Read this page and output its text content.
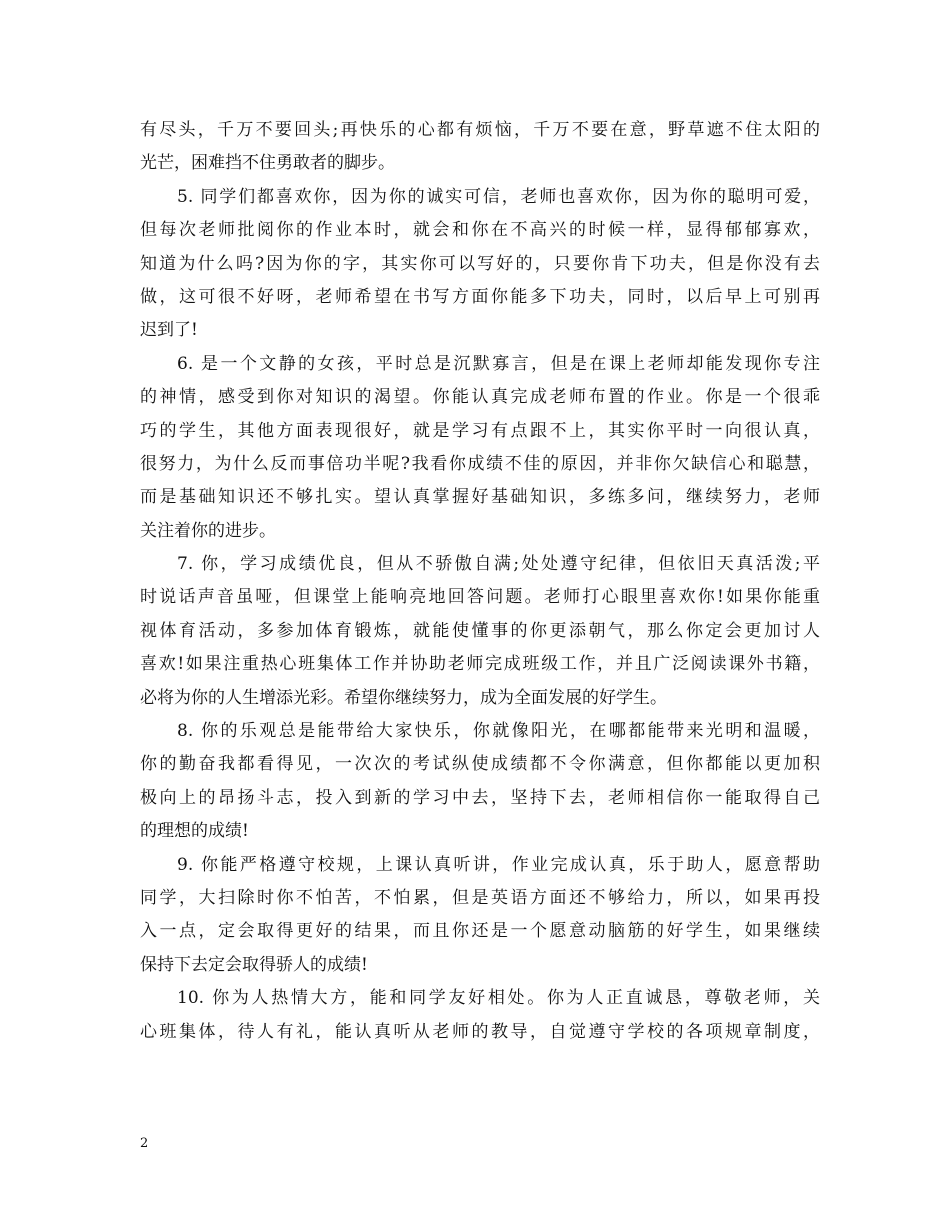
有尽头，千万不要回头;再快乐的心都有烦恼，千万不要在意，野草遮不住太阳的
光芒，困难挡不住勇敢者的脚步。
5. 同学们都喜欢你，因为你的诚实可信，老师也喜欢你，因为你的聪明可爱，
但每次老师批阅你的作业本时，就会和你在不高兴的时候一样，显得郁郁寡欢，
知道为什么吗?因为你的字，其实你可以写好的，只要你肯下功夫，但是你没有去
做，这可很不好呀，老师希望在书写方面你能多下功夫，同时，以后早上可别再
迟到了!
6. 是一个文静的女孩，平时总是沉默寡言，但是在课上老师却能发现你专注
的神情，感受到你对知识的渴望。你能认真完成老师布置的作业。你是一个很乖
巧的学生，其他方面表现很好，就是学习有点跟不上，其实你平时一向很认真，
很努力，为什么反而事倍功半呢?我看你成绩不佳的原因，并非你欠缺信心和聪慧，
而是基础知识还不够扎实。望认真掌握好基础知识，多练多问，继续努力，老师
关注着你的进步。
7. 你，学习成绩优良，但从不骄傲自满;处处遵守纪律，但依旧天真活泼;平
时说话声音虽哑，但课堂上能响亮地回答问题。老师打心眼里喜欢你!如果你能重
视体育活动，多参加体育锻炼，就能使懂事的你更添朝气，那么你定会更加讨人
喜欢!如果注重热心班集体工作并协助老师完成班级工作，并且广泛阅读课外书籍，
必将为你的人生增添光彩。希望你继续努力，成为全面发展的好学生。
8. 你的乐观总是能带给大家快乐，你就像阳光，在哪都能带来光明和温暖，
你的勤奋我都看得见，一次次的考试纵使成绩都不令你满意，但你都能以更加积
极向上的昂扬斗志，投入到新的学习中去，坚持下去，老师相信你一能取得自己
的理想的成绩!
9. 你能严格遵守校规，上课认真听讲，作业完成认真，乐于助人，愿意帮助
同学，大扫除时你不怕苦，不怕累，但是英语方面还不够给力，所以，如果再投
入一点，定会取得更好的结果，而且你还是一个愿意动脑筋的好学生，如果继续
保持下去定会取得骄人的成绩!
10. 你为人热情大方，能和同学友好相处。你为人正直诚恳，尊敬老师，关
心班集体，待人有礼，能认真听从老师的教导，自觉遵守学校的各项规章制度，
2
